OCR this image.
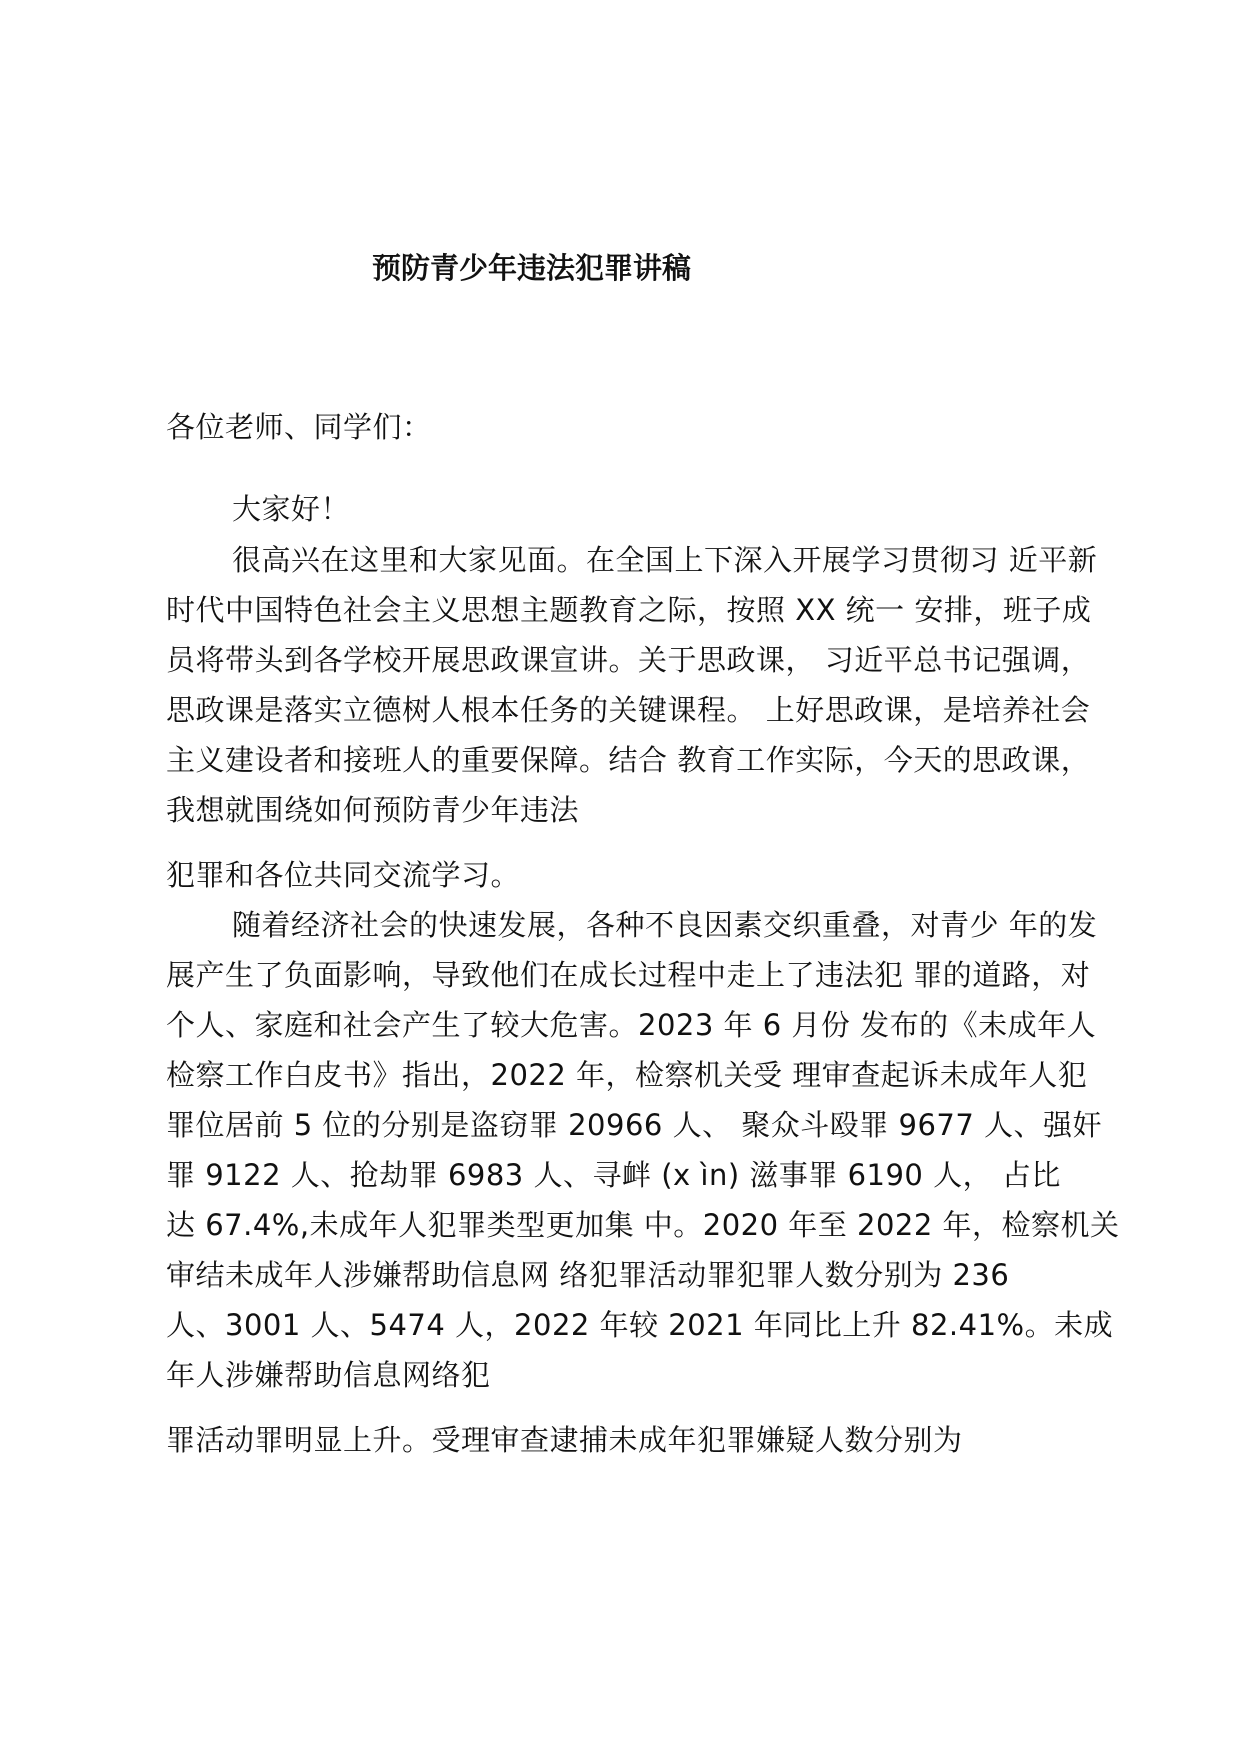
预防青少年违法犯罪讲稿
各位老师、同学们：
大家好！
很高兴在这里和大家见面。在全国上下深入开展学习贯彻习 近平新
时代中国特色社会主义思想主题教育之际，按照 XX 统一 安排，班子成
员将带头到各学校开展思政课宣讲。关于思政课， 习近平总书记强调，
思政课是落实立德树人根本任务的关键课程。 上好思政课，是培养社会
主义建设者和接班人的重要保障。结合 教育工作实际，今天的思政课，
我想就围绕如何预防青少年违法
犯罪和各位共同交流学习。
随着经济社会的快速发展，各种不良因素交织重叠，对青少 年的发
展产生了负面影响，导致他们在成长过程中走上了违法犯 罪的道路，对
个人、家庭和社会产生了较大危害。2023 年 6 月份 发布的《未成年人
检察工作白皮书》指出，2022 年，检察机关受 理审查起诉未成年人犯
罪位居前 5 位的分别是盗窃罪 20966 人、 聚众斗殴罪 9677 人、强奸
罪 9122 人、抢劫罪 6983 人、寻衅 (x ìn) 滋事罪 6190 人， 占比
达 67.4%,未成年人犯罪类型更加集 中。2020 年至 2022 年，检察机关
审结未成年人涉嫌帮助信息网 络犯罪活动罪犯罪人数分别为 236
人、3001 人、5474 人，2022 年较 2021 年同比上升 82.41%。未成
年人涉嫌帮助信息网络犯
罪活动罪明显上升。受理审查逮捕未成年犯罪嫌疑人数分别为
